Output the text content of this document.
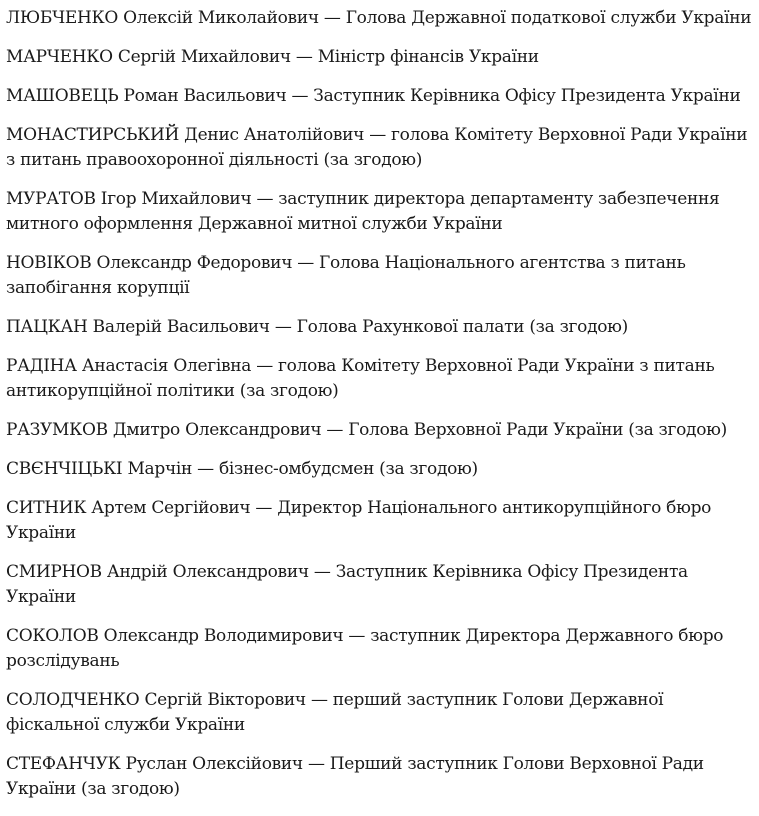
ЛЮБЧЕНКО Олексій Миколайович — Голова Державної податкової служби України
МАРЧЕНКО Сергій Михайлович — Міністр фінансів України
МАШОВЕЦЬ Роман Васильович — Заступник Керівника Офісу Президента України
МОНАСТИРСЬКИЙ Денис Анатолійович — голова Комітету Верховної Ради України з питань правоохоронної діяльності (за згодою)
МУРАТОВ Ігор Михайлович — заступник директора департаменту забезпечення митного оформлення Державної митної служби України
НОВІКОВ Олександр Федорович — Голова Національного агентства з питань запобігання корупції
ПАЦКАН Валерій Васильович — Голова Рахункової палати (за згодою)
РАДІНА Анастасія Олегівна — голова Комітету Верховної Ради України з питань антикорупційної політики (за згодою)
РАЗУМКОВ Дмитро Олександрович — Голова Верховної Ради України (за згодою)
СВЄНЧІЦЬКІ Марчін — бізнес-омбудсмен (за згодою)
СИТНИК Артем Сергійович — Директор Національного антикорупційного бюро України
СМИРНОВ Андрій Олександрович — Заступник Керівника Офісу Президента України
СОКОЛОВ Олександр Володимирович — заступник Директора Державного бюро розслідувань
СОЛОДЧЕНКО Сергій Вікторович — перший заступник Голови Державної фіскальної служби України
СТЕФАНЧУК Руслан Олексійович — Перший заступник Голови Верховної Ради України (за згодою)
